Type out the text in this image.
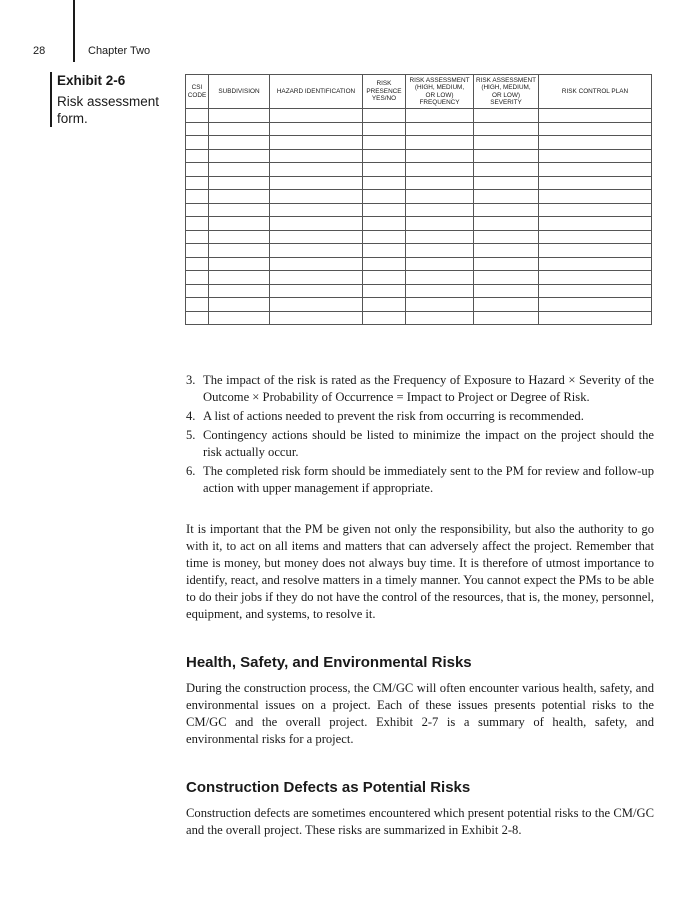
28	Chapter Two
Exhibit 2-6
Risk assessment form.
CSI
CODE	SUBDIVISION	HAZARD IDENTIFICATION	RISK
PRESENCE
YES/NO	RISK ASSESSMENT
(HIGH, MEDIUM,
OR LOW)
FREQUENCY	RISK ASSESSMENT
(HIGH, MEDIUM,
OR LOW)
SEVERITY	RISK CONTROL PLAN

3. The impact of the risk is rated as the Frequency of Exposure to Hazard × Severity of the Outcome × Probability of Occurrence = Impact to Project or Degree of Risk.
4. A list of actions needed to prevent the risk from occurring is recommended.
5. Contingency actions should be listed to minimize the impact on the project should the risk actually occur.
6. The completed risk form should be immediately sent to the PM for review and follow-up action with upper management if appropriate.

It is important that the PM be given not only the responsibility, but also the authority to go with it, to act on all items and matters that can adversely affect the project. Remember that time is money, but money does not always buy time. It is therefore of utmost importance to identify, react, and resolve matters in a timely manner. You cannot expect the PMs to be able to do their jobs if they do not have the control of the resources, that is, the money, personnel, equipment, and systems, to resolve it.

Health, Safety, and Environmental Risks

During the construction process, the CM/GC will often encounter various health, safety, and environmental issues on a project. Each of these issues presents potential risks to the CM/GC and the overall project. Exhibit 2-7 is a summary of health, safety, and environmental risks for a project.

Construction Defects as Potential Risks

Construction defects are sometimes encountered which present potential risks to the CM/GC and the overall project. These risks are summarized in Exhibit 2-8.
